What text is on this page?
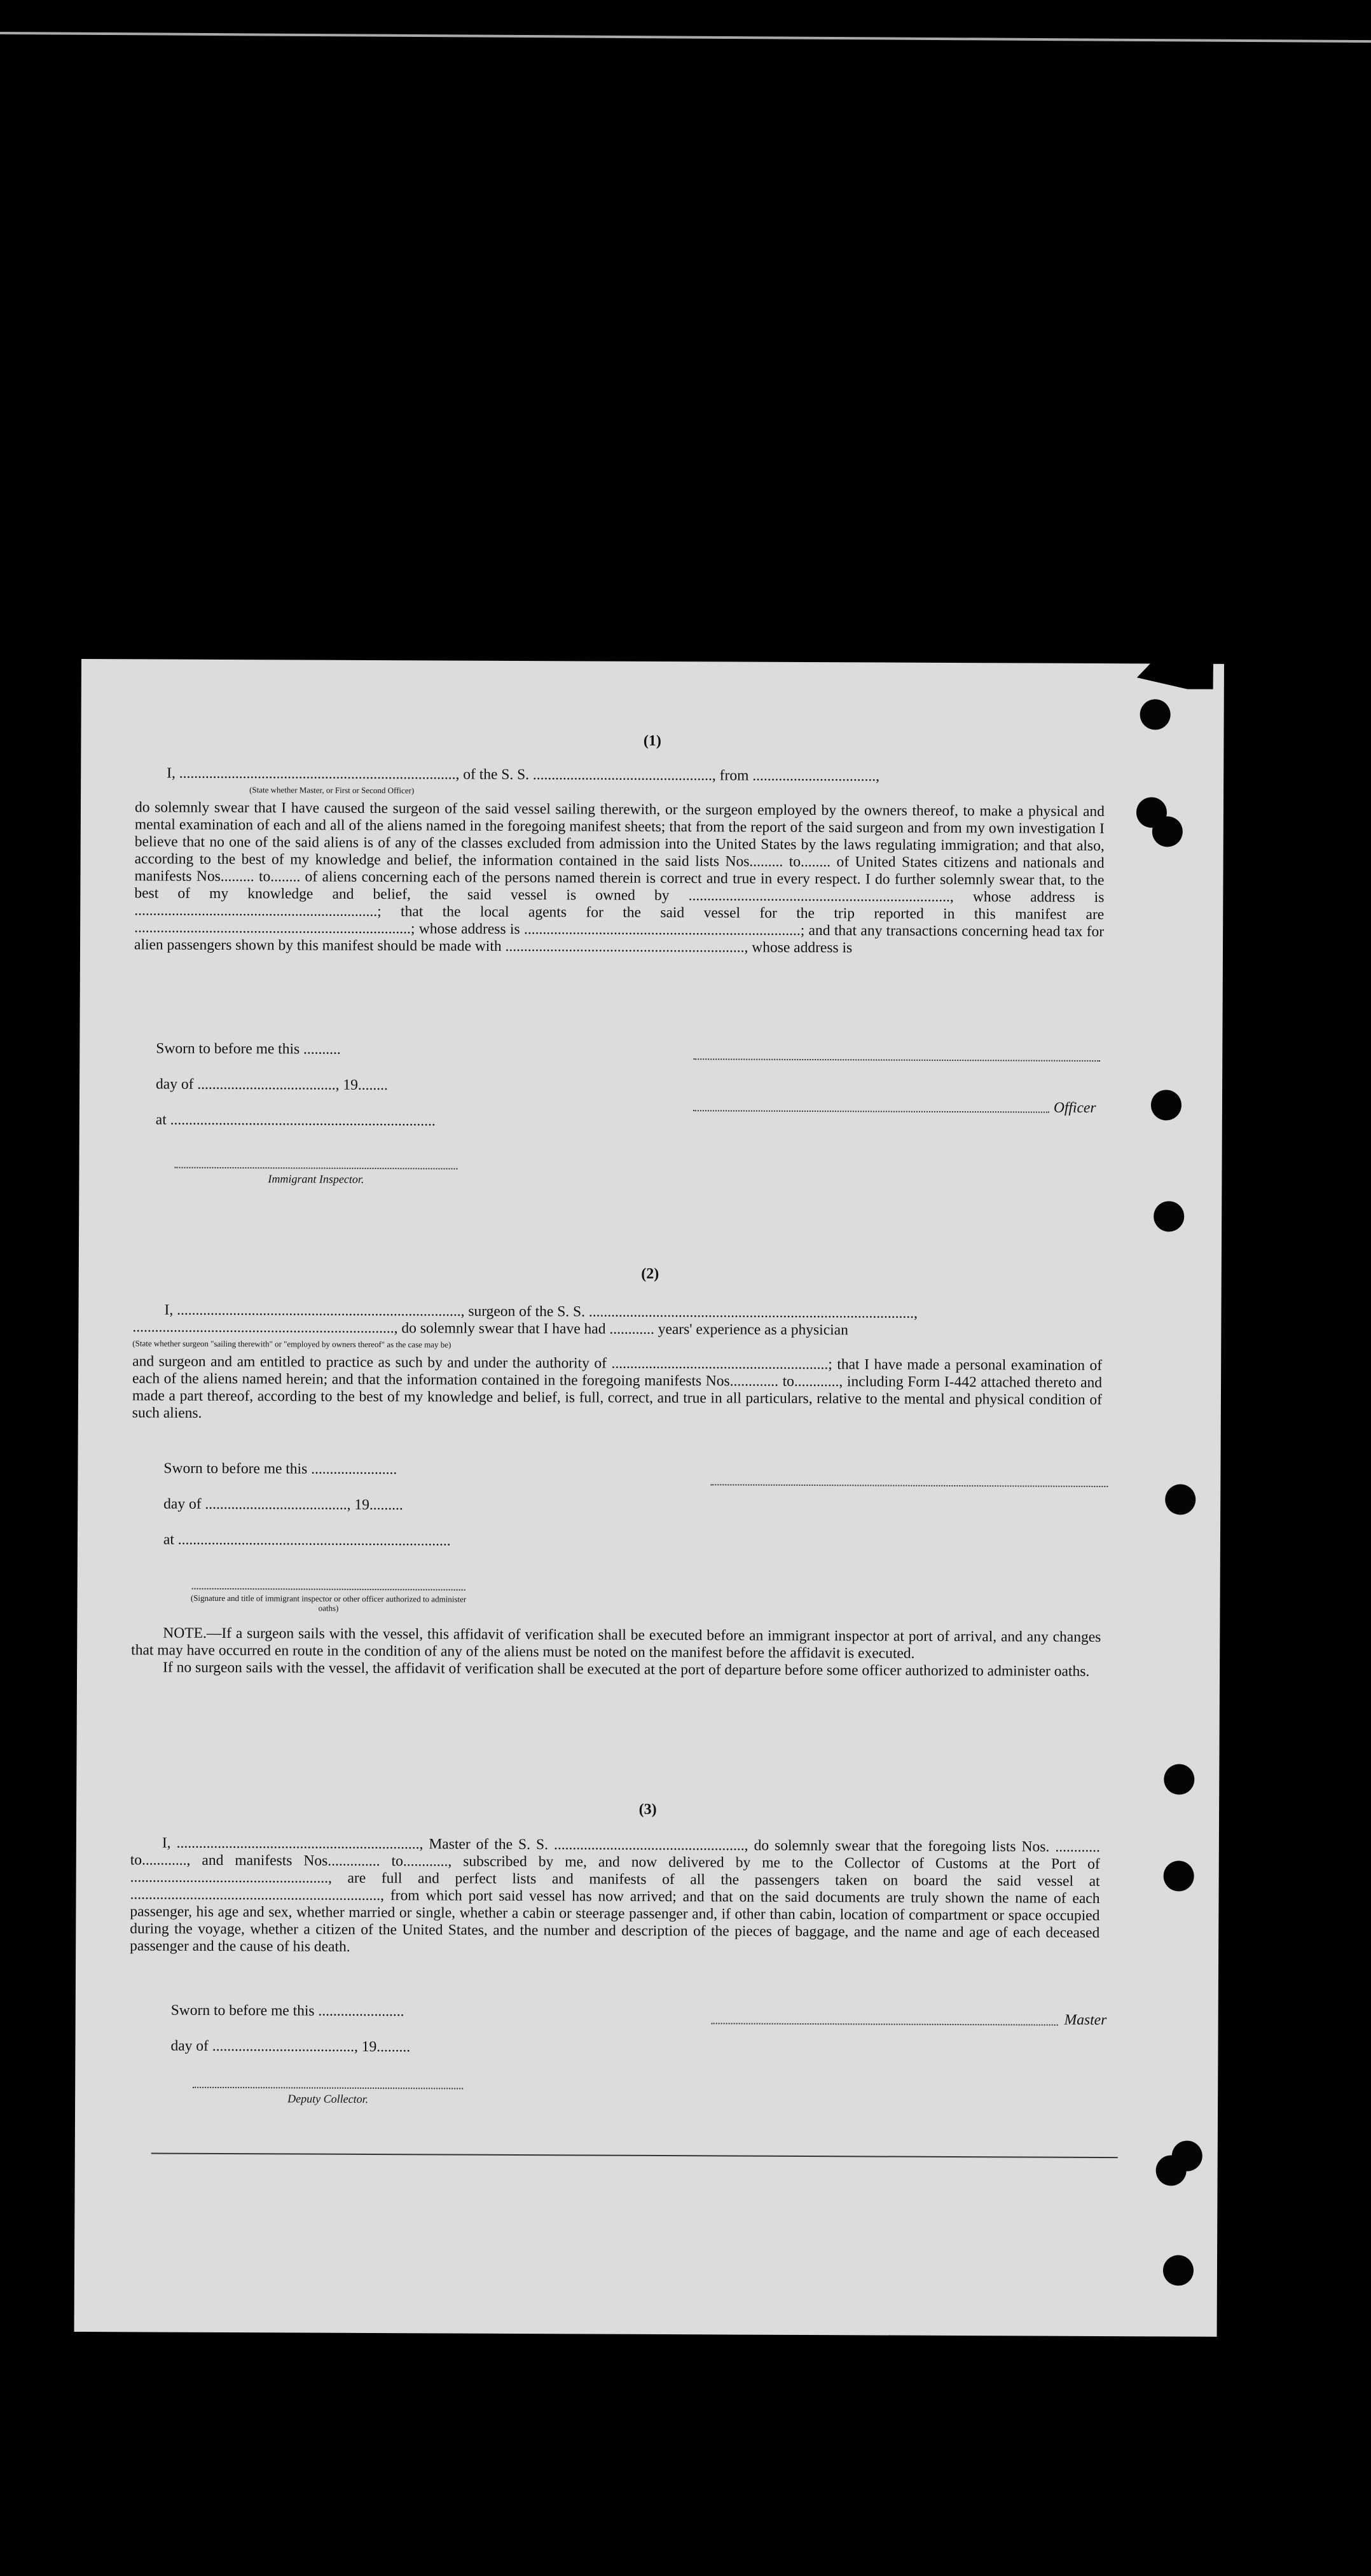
(1)

I, .........................................................................., of the S. S. ................................................, from .................................,

(State whether Master, or First or Second Officer)
do solemnly swear that I have caused the surgeon of the said vessel sailing therewith, or the surgeon employed by the owners thereof, to make a physical and mental examination of each and all of the aliens named in the foregoing manifest sheets; that from the report of the said surgeon and from my own investigation I believe that no one of the said aliens is of any of the classes excluded from admission into the United States by the laws regulating immigration; and that also, according to the best of my knowledge and belief, the information contained in the said lists Nos......... to........ of United States citizens and nationals and manifests Nos......... to........ of aliens concerning each of the persons named therein is correct and true in every respect. I do further solemnly swear that, to the best of my knowledge and belief, the said vessel is owned by ......................................................................, whose address is .................................................................; that the local agents for the said vessel for the trip reported in this manifest are ..........................................................................; whose address is ..........................................................................; and that any transactions concerning head tax for alien passengers shown by this manifest should be made with ................................................................, whose address is
Sworn to before me this ..........
day of ....................................., 19........
at .......................................................................
Immigrant Inspector.
Officer
(2)

I, ............................................................................, surgeon of the S. S. .......................................................................................,

......................................................................, do solemnly swear that I have had ............ years' experience as a physician
(State whether surgeon "sailing therewith" or "employed by owners thereof" as the case may be)
and surgeon and am entitled to practice as such by and under the authority of ..........................................................; that I have made a personal examination of each of the aliens named herein; and that the information contained in the foregoing manifests Nos............. to............, including Form I-442 attached thereto and made a part thereof, according to the best of my knowledge and belief, is full, correct, and true in all particulars, relative to the mental and physical condition of such aliens.
Sworn to before me this .......................
day of ......................................, 19.........
at .........................................................................
(Signature and title of immigrant inspector or other officer authorized to administer oaths)

NOTE.—If a surgeon sails with the vessel, this affidavit of verification shall be executed before an immigrant inspector at port of arrival, and any changes that may have occurred en route in the condition of any of the aliens must be noted on the manifest before the affidavit is executed.

If no surgeon sails with the vessel, the affidavit of verification shall be executed at the port of departure before some officer authorized to administer oaths.

(3)

I, ................................................................., Master of the S. S. ..................................................., do solemnly swear that the foregoing lists Nos. ............ to............, and manifests Nos.............. to............, subscribed by me, and now delivered by me to the Collector of Customs at the Port of ....................................................., are full and perfect lists and manifests of all the passengers taken on board the said vessel at ..................................................................., from which port said vessel has now arrived; and that on the said documents are truly shown the name of each passenger, his age and sex, whether married or single, whether a cabin or steerage passenger and, if other than cabin, location of compartment or space occupied during the voyage, whether a citizen of the United States, and the number and description of the pieces of baggage, and the name and age of each deceased passenger and the cause of his death.

Sworn to before me this .......................
day of ......................................, 19.........
Master
Deputy Collector.
